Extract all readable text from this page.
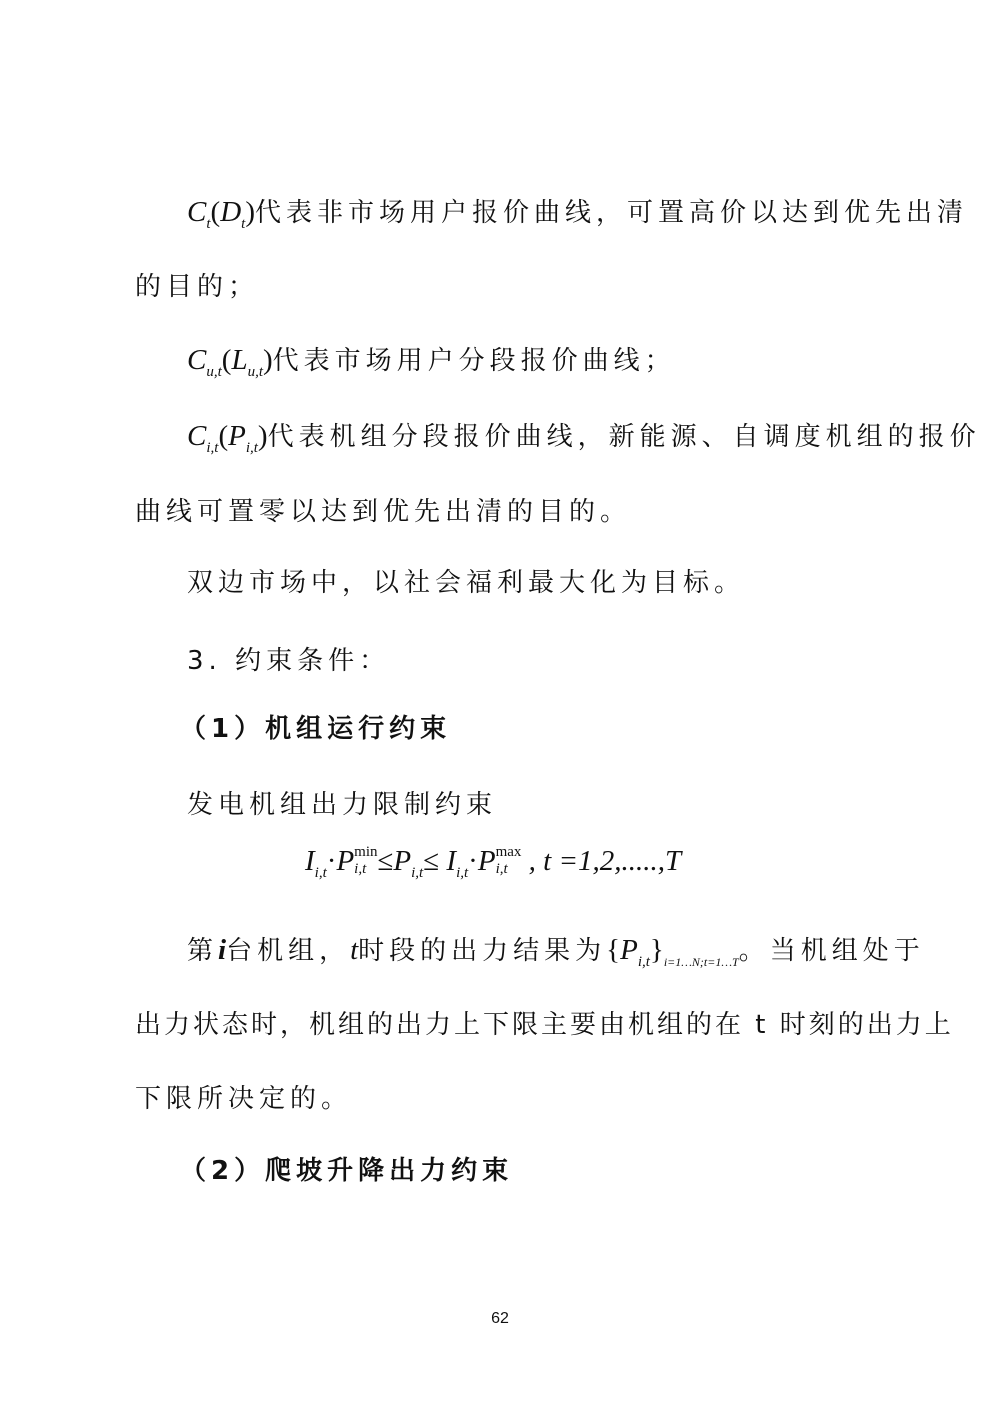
$C_t(D_t)$代表非市场用户报价曲线，可置高价以达到优先出清
的目的；
$C_{u,t}(L_{u,t})$代表市场用户分段报价曲线；
$C_{i,t}(P_{i,t})$代表机组分段报价曲线，新能源、自调度机组的报价
曲线可置零以达到优先出清的目的。
双边市场中，以社会福利最大化为目标。
3. 约束条件：
（1）机组运行约束
发电机组出力限制约束
$I_{i,t}\cdot P$ min
$i,t \le P_{i,t}\le I_{i,t}\cdot P$ max
i,t , t =1,2,.....,T
第i台机组，t时段的出力结果为$\{P_{i,t}\}_{i=1\dots N;t=1\dots T}$。当机组处于
出力状态时，机组的出力上下限主要由机组的在 t 时刻的出力上
下限所决定的。
（2）爬坡升降出力约束
62
